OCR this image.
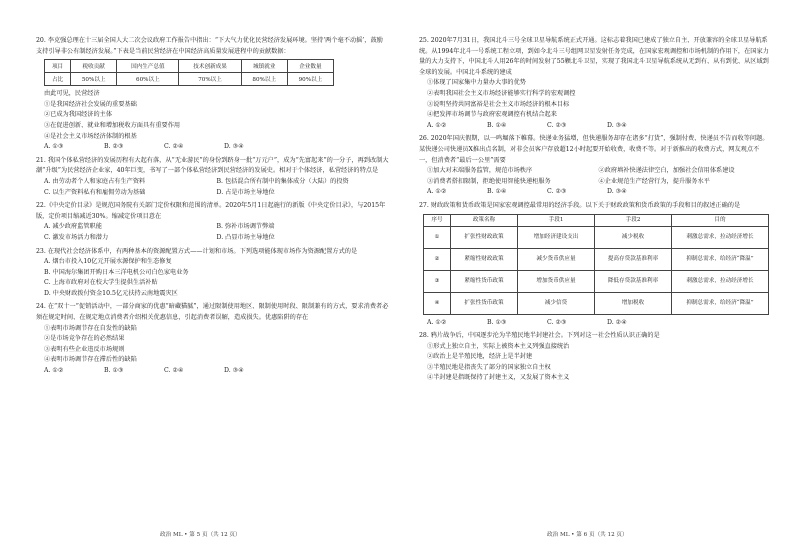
20. 李克强总理在十三届全国人大二次会议政府工作报告中指出：“下大气力优化民营经济发展环境。坚持‘两个毫不动摇’，鼓励支持引导非公有制经济发展。”下表是当前民营经济在中国经济高质量发展进程中的贡献数据：

项目	税收贡献	国内生产总值	技术创新成果	城镇就业	企业数量
占比	50%以上	60%以上	70%以上	80%以上	90%以上

由此可见，民营经济

①是我国经济社会发展的重要基础

②已成为我国经济的主体

③在促进创新、就业和增加税收方面具有重要作用

④是社会主义市场经济体制的根基

A. ①③	B. ②③	C. ②④	D. ③④

21. 我国个体私营经济的发展历程有大起有落，从“无业游民”的身份到跻身一批“万元户”，成为“先富起来”的一分子，再到改制大潮“升级”为民营经济企业家，40年巨变，书写了一部个体私营经济到民营经济的发展史。相对于个体经济，私营经济的特点是

A. 由劳动者个人和家庭占有生产资料	B. 包括混合所有制中的集体成分（大陆）的投资
C. 以生产资料私有和雇佣劳动为基础	D. 占是市场主导地位

22.《中央定价目录》是规范国务院有关部门定价权限和范围的清单。2020年5月1日起施行的新版《中央定价目录》，与2015年版，定价项目缩减近30%。缩减定价项目意在

A. 减少政府监管职能	B. 弥补市场调节弊端
C. 激发市场活力和潜力	D. 凸显市场主导地位

23. 在现代社会经济体系中，有两种基本的资源配置方式——计划和市场。下列选项能体现市场作为资源配置方式的是

A. 烟台市投入10亿元开展水源保护和生态修复

B. 中国海尔集团开购日本三洋电机公司白色家电业务

C. 上海市政府对在校大学生提供生活补贴

D. 中央财政拨付资金10.5亿元扶持云南地震灾区

24. 在“双十一”促销活动中，一部分商家的优惠“暗藏猫腻”，通过限制使用地区、限制使用时段、限制兼有的方式，要求消费者必须在规定时间、在规定地点消费者介绍相关优惠信息，引起消费者误解，造成损失。优惠陷阱的存在

①表明市场调节存在自发性的缺陷

②是市场竞争存在的必然结果

③表明有些企业违反市场规则

④表明市场调节存在滞后性的缺陷

A. ①②	B. ①③	C. ②④	D. ③④
政治 ML • 第 5 页（共 12 页）

25. 2020年7月31日，我国北斗三号全球卫星导航系统正式开通。这标志着我国已建成了独立自主、开放兼容的全球卫星导航系统。从1994年北斗一号系统工程立项，到如今北斗三号组网卫星发射任务完成，在国家宏观调控和市场机制的作用下，在国家力量的大力支持下，中国北斗人用26年的时间发射了55颗北斗卫星，实现了我国北斗卫星导航系统从无到有、从有到优、从区域到全球的发展。中国北斗系统的建成

①体现了国家集中力量办大事的优势

②表明我国社会主义市场经济能够实行科学的宏观调控

③说明坚持共同富裕是社会主义市场经济的根本目标

④把发挥市场调节与政府宏观调控有机结合起来

A. ①②	B. ①④	C. ②③	D. ③④

26. 2020年国庆假期，以一鸣堀落下帷幕。快递业务猛增，但快递服务却存在诸多“打货”，强制付费、快递员不告而收等问题。某快递公司快递员X推出点名制，对非会员客户存放超12小时起要开始收费，收费不等。对于新推出的收费方式，网友观点不一，但消费者“最后一公里”需要

①加大对末端服务监管，规范市场秩序	②政府填补快递法律空白，加强社会信用体系建设
③消费者搭扣限制，拒绝使用智能快递柜服务	④企业规范生产经营行为，提升服务水平
A. ①②	B. ①④	C. ②③	D. ③④

27. 财政政策和货币政策是国家宏观调控最常用的经济手段。以下关于财政政策和货币政策的手段和目的叙述正确的是

序号	政策名称	手段1	手段2	目的
①	扩张性财政政策	增加经济建设支出	减少税收	刺激总需求，拉动经济增长
②	紧缩性财政政策	减少货币供应量	提高存贷款基准利率	抑制总需求，给经济“降温”
③	紧缩性货币政策	增加货币供应量	降低存贷款基准利率	刺激总需求，拉动经济增长
④	扩张性货币政策	减少信贷	增加税收	抑制总需求，给经济“降温”
A. ①②	B. ①③	C. ②③	D. ②④

28. 鸦片战争后，中国逐步沦为半殖民地半封建社会。下列对这一社会性质认识正确的是

①形式上独立自主，实际上被资本主义列强直接统治

②政治上是半殖民地，经济上是半封建

③半殖民地是指丧失了部分的国家独立自主权

④半封建是指既保持了封建主义，又发展了资本主义

政治 ML • 第 6 页（共 12 页）
